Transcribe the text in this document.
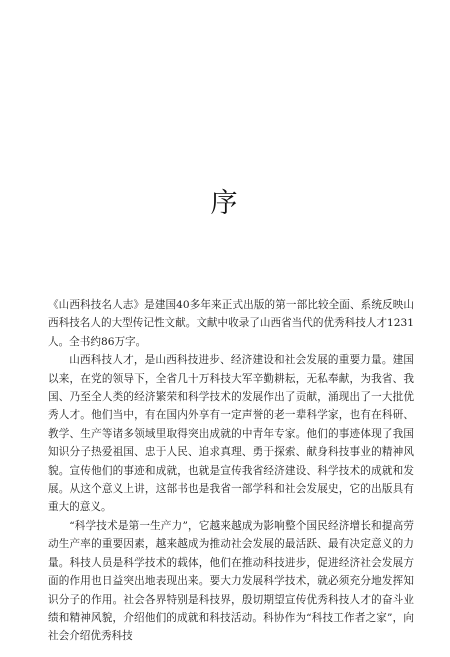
序

《山西科技名人志》是建国40多年来正式出版的第一部比较全面、系统反映山西科技名人的大型传记性文献。文献中收录了山西省当代的优秀科技人才1231人。全书约86万字。

山西科技人才，是山西科技进步、经济建设和社会发展的重要力量。建国以来，在党的领导下，全省几十万科技大军辛勤耕耘，无私奉献，为我省、我国、乃至全人类的经济繁荣和科学技术的发展作出了贡献，涌现出了一大批优秀人才。他们当中，有在国内外享有一定声誉的老一辈科学家，也有在科研、教学、生产等诸多领域里取得突出成就的中青年专家。他们的事迹体现了我国知识分子热爱祖国、忠于人民、追求真理、勇于探索、献身科技事业的精神风貌。宣传他们的事迹和成就，也就是宣传我省经济建设、科学技术的成就和发展。从这个意义上讲，这部书也是我省一部学科和社会发展史，它的出版具有重大的意义。

“科学技术是第一生产力”，它越来越成为影响整个国民经济增长和提高劳动生产率的重要因素，越来越成为推动社会发展的最活跃、最有决定意义的力量。科技人员是科学技术的载体，他们在推动科技进步，促进经济社会发展方面的作用也日益突出地表现出来。要大力发展科学技术，就必须充分地发挥知识分子的作用。社会各界特别是科技界，殷切期望宣传优秀科技人才的奋斗业绩和精神风貌，介绍他们的成就和科技活动。科协作为“科技工作者之家”，向社会介绍优秀科技
